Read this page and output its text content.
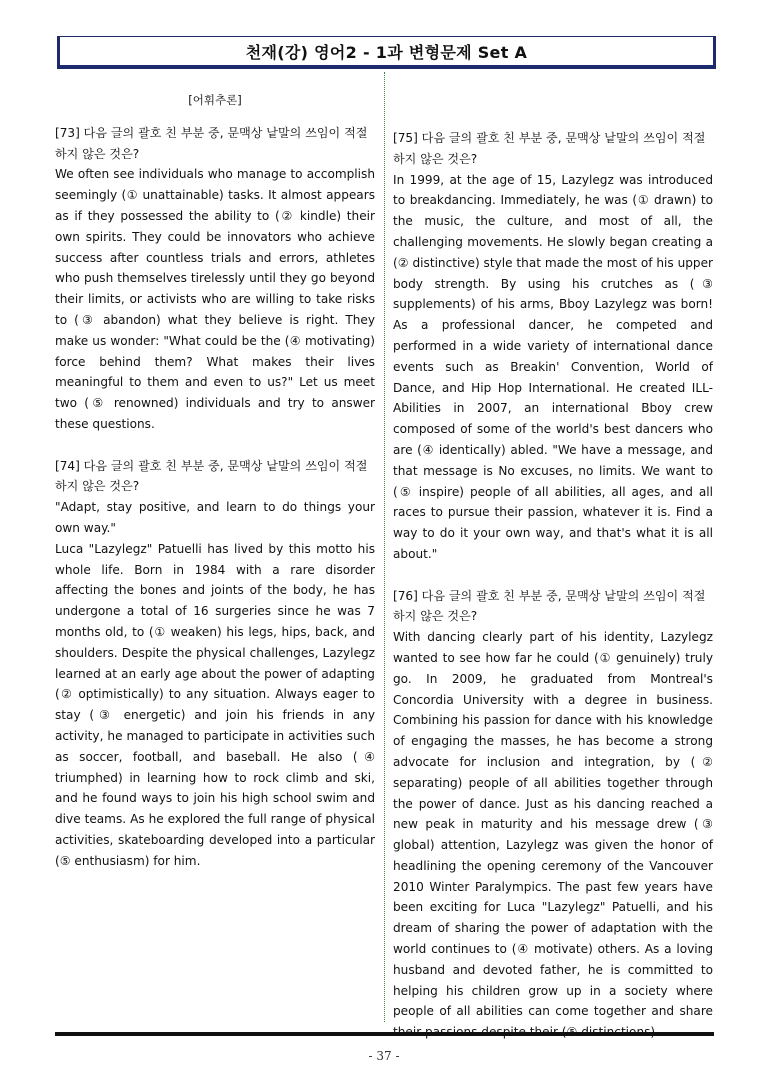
천재(강) 영어2 - 1과 변형문제 Set A
[어휘추론]

[73] 다음 글의 괄호 친 부분 중, 문맥상 낱말의 쓰임이 적절하지 않은 것은?

We often see individuals who manage to accomplish seemingly (① unattainable) tasks. It almost appears as if they possessed the ability to (② kindle) their own spirits. They could be innovators who achieve success after countless trials and errors, athletes who push themselves tirelessly until they go beyond their limits, or activists who are willing to take risks to (③ abandon) what they believe is right. They make us wonder: "What could be the (④ motivating) force behind them? What makes their lives meaningful to them and even to us?" Let us meet two (⑤ renowned) individuals and try to answer these questions.

[74] 다음 글의 괄호 친 부분 중, 문맥상 낱말의 쓰임이 적절하지 않은 것은?

"Adapt, stay positive, and learn to do things your own way."

Luca "Lazylegz" Patuelli has lived by this motto his whole life. Born in 1984 with a rare disorder affecting the bones and joints of the body, he has undergone a total of 16 surgeries since he was 7 months old, to (① weaken) his legs, hips, back, and shoulders. Despite the physical challenges, Lazylegz learned at an early age about the power of adapting (② optimistically) to any situation. Always eager to stay (③ energetic) and join his friends in any activity, he managed to participate in activities such as soccer, football, and baseball. He also (④ triumphed) in learning how to rock climb and ski, and he found ways to join his high school swim and dive teams. As he explored the full range of physical activities, skateboarding developed into a particular (⑤ enthusiasm) for him.

[75] 다음 글의 괄호 친 부분 중, 문맥상 낱말의 쓰임이 적절하지 않은 것은?

In 1999, at the age of 15, Lazylegz was introduced to breakdancing. Immediately, he was (① drawn) to the music, the culture, and most of all, the challenging movements. He slowly began creating a (② distinctive) style that made the most of his upper body strength. By using his crutches as (③ supplements) of his arms, Bboy Lazylegz was born! As a professional dancer, he competed and performed in a wide variety of international dance events such as Breakin' Convention, World of Dance, and Hip Hop International. He created ILL-Abilities in 2007, an international Bboy crew composed of some of the world's best dancers who are (④ identically) abled. "We have a message, and that message is No excuses, no limits. We want to (⑤ inspire) people of all abilities, all ages, and all races to pursue their passion, whatever it is. Find a way to do it your own way, and that's what it is all about."

[76] 다음 글의 괄호 친 부분 중, 문맥상 낱말의 쓰임이 적절하지 않은 것은?

With dancing clearly part of his identity, Lazylegz wanted to see how far he could (① genuinely) truly go. In 2009, he graduated from Montreal's Concordia University with a degree in business. Combining his passion for dance with his knowledge of engaging the masses, he has become a strong advocate for inclusion and integration, by (② separating) people of all abilities together through the power of dance. Just as his dancing reached a new peak in maturity and his message drew (③ global) attention, Lazylegz was given the honor of headlining the opening ceremony of the Vancouver 2010 Winter Paralympics. The past few years have been exciting for Luca "Lazylegz" Patuelli, and his dream of sharing the power of adaptation with the world continues to (④ motivate) others. As a loving husband and devoted father, he is committed to helping his children grow up in a society where people of all abilities can come together and share

- 37 -
